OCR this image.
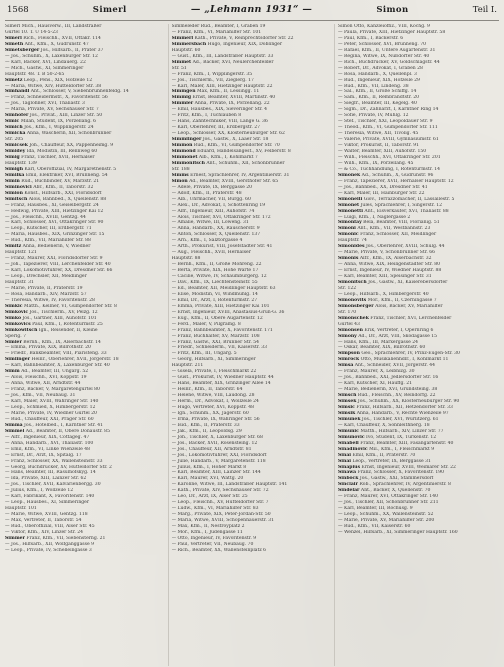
1568	Simerl	— „Lehmann 1931“ —	Simon	Teil I.
Simerl Mich., Hausverw., III, Landstraßer
Gürtel 10. T. U 14-5-23
Simerl Rich., Fleischh., XVII, Ottakr. 114
Simeth Ant., Kfm., X, Gudrunstr. 47
Simetsberger Jos., Hilfsarb., II, Prater 37
— Jos., Schuhm., X, Laxenburger Str. 12
— Karl, Bäcker, XVI, Lindauerg. 22
— Mich., Gastw., XI, Simmeringer
Hauptstr. 48. T. B 50-2-65
Simetz Leop., Pens., XIX, Hofzeile 12
— Maria, Witwe, XIV, Hütteldorfer Str. 38
Simhandl Ant., Schlosser, V, Siebenbrunnenfeldg. 14
— Franz, Schneidermstr., X, Favoritenstr. 56
— Jos., Taglöhner, XVI, Thaliastr. 3
— Maria, Private, XV, Sechshauser Str. 7
Simhofer Jos., Privat., XIII, Linzer Str. 50
Simic Milan, Student, IX, Porzellang. 6
Simich Jos., Kfm., I, Wipplingerstr. 24
Simicka Anna, Wäscherin, XII, Schönbrunner
Str. 205
Simicsek Joh., Chauffeur, XX, Pappenheimg. 9
Simidey Ida, Modistin, III, Rennweg 60
Simig Franz, Tischler, XVII, Hernalser
Hauptstr. 139
Simigh Karl, Oberoffizial, IV, Margarethenstr. 5
Similka Emil, Elektriker, XVI, Brunneng. 54
Simin Rud., Buchbinder, XV, Märzstr. 21
Siminovici Abr., Kfm., II, Taborstr. 32
Simion Konst., Hilfsarb., XXI, Floridsdorf
Simitsch Alois, Bahnbed., X, Quellenstr. 88
— Franz, Hausbes., XI, Geiselbergstr. 24
— Hedwig, Private, XIII, Hietzinger Kai 12
— Jos., Fleischh., XVIII, Gentzg. 44
— Karl, Schlosser, XVI, Ottakringer Str. 90
— Leop., Kutscher, III, Erdbergstr. 71
— Maria, Hausbes., XIX, Grinzinger Str. 15
— Rud., Kfm., VII, Mariahilfer Str. 88
Simitz Anna, Bedienerin, V, Wiedner
Hauptstr. 121
— Franz, Maurer, XXI, Floridsdorfer Str. 9
— Joh., Tapezierer, VIII, Lerchenfelder Str. 40
— Karl, Lokomotivführer, XX, Dresdner Str. 66
— Leop., Drechsler, XII, Meidlinger
Hauptstr. 31
— Marie, Private, II, Praterstr. 19
— Rosa, Handarb., XIV, Märzstr. 57
— Theresia, Witwe, IV, Favoritenstr. 28
Simkic Matth., Kellner, VI, Gumpendorfer Str. 8
Simkovic Jos., Tischlerm., XV, Pelzg. 12
Simko Jos., Gärtner, XIII, Auhofstr. 101
Simkovics Paul, Kfm., I, Rotenturmstr. 25
Simkowitsch Ign., Reisender, II, Kleine
Sperlg. 7
Simler Bernh., Kfm., IX, Alserbachstr. 14
— Emma, Private, XIX, Billrothstr. 20
— Friedr., Bankbeamter, VIII, Piaristeng. 33
Simlinger Heinr., Oberlehrer, XVII, Jörgerstr. 18
— Karl, Bahnbeamter, X, Laxenburger Str. 40
Simm Ad., Beamter, III, Ungarg. 52
— Alois, Fleischh., XVI, Koppstr. 19
— Anna, Witwe, XII, Arndtstr. 44
— Franz, Bäcker, V, Margaretengürtel 80
— Jos., Kfm., VII, Neubaug. 31
— Karl, Maler, XVIII, Währinger Str. 140
— Leop., Schmied, X, Himbergerstr. 12
— Marie, Private, IV, Wiedner Gürtel 20
— Rud., Chauffeur, XXI, Prager Str. 60
Simma Jos., Hotelbed., I, Kärntner Str. 41
Simmel Ad., Beamter, II, Obere Donaustr. 85
— Alfr., Ingenieur, XIX, Cottageg. 47
— Anna, Handarb., XVI, Thaliastr. 100
— Emil, Kfm., VI, Linke Wienzeile 48
— Ernst, Dr., Arzt, IX, Spitalg. 17
— Franz, Schlosser, XX, Wallensteinstr. 33
— Georg, Buchdrucker, XV, Hütteldorfer Str. 2
— Hans, Beamter, III, Rasumofskyg. 14
— Ida, Private, XIII, Lainzer Str. 62
— Jos., Tischler, XVII, Kalvarienbergg. 30
— Julius, Kfm., I, Wollzeile 12
— Karl, Fabrikant, X, Favoritenstr. 140
— Leop., Hausbes., XI, Simmeringer
Hauptstr. 101
— Marie, Witwe, XVIII, Gentzg. 118
— Max, Vertreter, II, Taborstr. 54
— Rud., Oberoffizial, VIII, Alser Str. 45
— Viktor, Kfm., XIV, Linzer Str. 24
Simmer Franz, Kfm., VII, Siebensterng. 21
— Jos., Hilfsarb., XII, Wolfganggasse 9
— Leop., Private, IV, Schelleingasse 3
Simmeleder Rud., Beamter, I, Graben 19
— Franz, Kfm., VI, Mariahilfer Str. 101
Simmerl Kath., Private, V, Reinprechtsdorfer Str. 22
Simmersbach Hugo, Ingenieur, XIX, Döblinger
Hauptstr. 60
— Gust., Kfm., III, Landstraßer Hauptstr. 33
Simmet Ad., Bäcker, XVI, Neulerchenfelder
Str. 51
— Franz, Kfm., I, Wipplingerstr. 35
— Jos., Tischlerm., VII, Zieglerg. 17
— Karl, Maler, XIII, Hietzinger Hauptstr. 22
Simmgen Max, Kfm., II, Lessingg. 11
Simmig Ernst, Beamter, XVIII, Martinstr. 40
Simmler Anna, Private, IX, Porzellang. 22
— Emil, Hausbes., XIX, Sieveringer Str. 4
— Fritz, Kfm., I, Tuchlauben 8
— Hans, Zahntechniker, VIII, Lange G. 36
— Karl, Oberlehrer, III, Erdbergstr. 27
— Leop., Schlosser, XX, Klosterneuburger Str. 62
Simmlinger Jos., Gastw., X, Laaer Str. 18
Simmon Rud., Kfm., VI, Gumpendorfer Str. 70
Simmond Eduard, Handelsangest., XV, Felberstr. 8
Simmonet Alb., Kfm., I, Kohlmarkt 7
Simmonitsch Ant., Schuhm., XII, Schönbrunner
Str. 188
Simms Ernest, Sprachlehrer, IV, Argentinierstr. 31
Simon Ad., Beamter, XVIII, Gersthofer Str. 65
— Adele, Private, IX, Berggasse 20
— Adolf, Kfm., II, Praterstr. 48
— Alb., Uhrmacher, VII, Burgg. 60
— Alex., Dr., Advokat, I, Schottenring 19
— Alfr., Ingenieur, XIII, Auhofstr. 74
— Alois, Tischler, XVI, Ottakringer Str. 172
— Amalie, Witwe, III, Löweng. 31
— Anna, Handarb., XX, Rauscherstr. 9
— Anton, Schlosser, X, Quellenstr. 137
— Arn., Kfm., I, Salztorgasse 4
— Arth., Prokurist, VIII, Josefstädter Str. 41
— Aug., Fleischh., XVII, Hernalser
Hauptstr. 88
— Bernh., Kfm., II, Große Mohreng. 22
— Berta, Private, XIX, Hohe Warte 17
— Cäcilie, Witwe, IV, Schaumburgerg. 12
— Dav., Kfm., IX, Liechtensteinstr. 55
— Ed., Beamter, XII, Meidlinger Hauptstr. 63
— Elise, Modistin, VI, Windmühlg. 14
— Emil, Dr., Arzt, I, Rotenturmstr. 27
— Emma, Private, XIII, Hietzinger Kai 101
— Ernst, Ingenieur, XVIII, Anastasius-Grün-G. 36
— Eug., Kfm., II, Obere Augartenstr. 12
— Ferd., Maler, V, Pilgramg. 8
— Franz, Bahnbeamter, X, Favoritenstr. 171
— Franz, Buchhalter, XV, Märzstr. 108
— Franz, Gastw., XXI, Brünner Str. 54
— Friedr., Schneiderm., VII, Kaiserstr. 33
— Fritz, Kfm., III, Ungarg. 5
— Georg, Hilfsarb., XI, Simmeringer
Hauptstr. 211
— Gisela, Private, I, Fleischmarkt 22
— Gust., Prokurist, IV, Wiedner Hauptstr. 44
— Hans, Beamter, XIX, Grinzinger Allee 14
— Heinr., Kfm., II, Taborstr. 64
— Helene, Witwe, VIII, Laudong. 28
— Herm., Dr., Advokat, I, Wollzeile 24
— Hugo, Vertreter, XVI, Koppstr. 48
— Ign., Schuhm., XX, Jägerstr. 60
— Irma, Private, IX, Währinger Str. 56
— Isid., Kfm., II, Praterstr. 33
— Jak., Kfm., II, Leopoldsg. 29
— Joh., Tischler, X, Laxenburger Str. 68
— Jos., Bäcker, XVII, Rosensteing. 12
— Jos., Chauffeur, XII, Arndtstr. 81
— Jos., Lokomotivführer, XXI, Floridsdorf
— Julie, Handarb., V, Margaretenstr. 118
— Julius, Kfm., I, Hoher Markt 8
— Karl, Beamter, XIII, Lainzer Str. 144
— Karl, Maurer, XVI, Wattg. 20
— Karoline, Witwe, III, Landstraßer Hauptstr. 141
— Kath., Private, XIV, Sechshauser Str. 72
— Leo, Dr., Arzt, IX, Alser Str. 25
— Leop., Fleischh., XV, Hütteldorfer Str. 7
— Ludw., Kfm., VI, Mariahilfer Str. 83
— Marg., Private, XIX, Peter-Jordan-Str. 50
— Maria, Witwe, XVIII, Schopenhauerstr. 31
— Max, Kfm., II, Nestroyplatz 2
— Mor., Kfm., I, Judengasse 11
— Otto, Ingenieur, IV, Favoritenstr. 9
— Paul, Vertreter, VII, Neubaug. 70
— Rich., Beamter, XX, Wallensteinplatz 6
Simon Otto, Kanzleioffiz., VIII, Kochg. 9
— Paula, Private, XIII, Hietzinger Hauptstr. 58
— Paul, Kfm., I, Bäckerstr. 6
— Peter, Schlosser, XVI, Brunneng. 70
— Rafael, Kfm., II, Untere Augartenstr. 31
— Regina, Witwe, IX, Nußdorfer Str. 40
— Rich., Buchdrucker, XV, Goldschlagstr. 44
— Robert, Dr., Advokat, I, Graben 28
— Rosa, Handarb., X, Quellenpl. 3
— Rud., Ingenieur, XIX, Hofzeile 29
— Rud., Kfm., VII, Lindeng. 38
— Sal., Kfm., II, Große Schiffg. 14
— Sam., Kfm., II, Rembrandtstr. 20
— Siegfr., Beamter, III, Kegelg. 40
— Sigm., Dr., Zahnarzt, I, Kärntner Ring 14
— Sofie, Private, IV, Mühlg. 12
— Stef., Tischler, XXI, Leopoldauer Str. 9
— Theod., Kfm., VI, Gumpendorfer Str. 111
— Theresia, Witwe, XII, Tivolig. 45
— Valerie, Private, XVIII, Gymnasiumstr. 61
— Viktor, Prokurist, II, Taborstr. 91
— Walter, Beamter, XIII, Auhofstr. 150
— Wilh., Fleischh., XVI, Ottakringer Str. 201
— Wilh., Kfm., IX, Porzellang. 45
— & Co., Tuchhandlung, I, Rotenturmstr. 14
Simonek Ad., Schuhm., X, Gudrunstr. 96
— Franz, Tapezierer, XVII, Hernalser Hauptstr. 12
— Jos., Bahnbed., XX, Dresdner Str. 41
— Karl, Maler, III, Hainburger Str. 22
Simonelli Giov., Terrazzomacher, II, Lassallestr. 5
Simonet Jules, Sprachlehrer, I, Singerstr. 12
Simonetti Ant., Eisverkäufer, XVI, Thaliastr. 88
— Luigi, Kfm., I, Naglergasse 2
Simonfay Béla, Beamter, VIII, Florianig. 51
Simoni Ant., Kfm., VII, Westbahnstr. 23
Simonic Franz, Schlosser, XII, Meidlinger
Hauptstr. 74
Simonides Jos., Oberlehrer, XVIII, Schulg. 44
— Marie, Private, V, Schönbrunner Str. 66
Simonis Alfr., Kfm., IX, Alserbachstr. 32
— Anna, Witwe, XIX, Heiligenstädter Str. 80
— Ernst, Ingenieur, IV, Wiedner Hauptstr. 88
— Karl, Beamter, XIII, Speisinger Str. 31
Simonitsch Jos., Gastw., XI, Kaiserebersdorfer
Str. 122
— Leop., Hilfsarb., X, Himbergerstr. 40
Simonovits Mor., Kfm., II, Czerningasse 7
Simonsberger Alois, Bäcker, XV, Mariahilfer
Str. 170
Simonschek Franz, Tischler, XVI, Lerchenfelder
Gürtel 43
Simonsen Erik, Vertreter, I, Opernring 6
Simony Ad., Dr., Arzt, VIII, Skodagasse 15
— Hans, Kfm., III, Marxergasse 24
— Oskar, Beamter, XIX, Billrothstr. 60
Simpson Geo., Sprachlehrer, IV, Prinz-Eugen-Str. 30
Simrock Otto, Musikalienhdlr., I, Kohlmarkt 11
Simsa Ant., Schneider, XVII, Jörgerstr. 44
— Franz, Maurer, X, Leibnizg. 30
— Jos., Bahnbed., XXI, Jedlersdorfer Str. 16
— Karl, Kutscher, XI, Hauffg. 21
— Marie, Bedienerin, XVI, Grundsteing. 38
Simsch Rud., Fleischh., XV, Reindorfg. 22
Simsek Jos., Schuhm., XX, Klosterneuburger Str. 90
Simsic Franz, Hilfsarb., XII, Hetzendorfer Str. 33
Simsik Anna, Handarb., V, Rechte Wienzeile 97
Simunek Jos., Tischler, XVI, Wurlitzerg. 61
— Karl, Chauffeur, X, Sonnleithnerg. 18
Simunic Matth., Hilfsarb., XIV, Linzer Str. 77
Simunovic Ivo, Student, IX, Türkenstr. 12
Sinabell Franz, Beamter, XIII, Fasangartenstr. 40
Sinadinovic Mil., Kfm., I, Fleischmarkt 9
Sinai Emil, Kfm., II, Praterstr. 70
Sinai Leop., Vertreter, IX, Berggasse 31
Sinapius Ernst, Ingenieur, XVIII, Weimarer Str. 22
Sinawa Franz, Schlosser, X, Favoritenstr. 190
Sinböck Jos., Gastw., XXI, Stammersdorf
Sinclair Rob., Sprachlehrer, IV, Argentinierstr. 8
Sindelar Ant., Bäcker, X, Quellenstr. 70
— Franz, Maurer, XVI, Ottakringer Str. 140
— Jos., Tischler, XII, Schönbrunner Str. 211
— Karl, Beamter, III, Rochusg. 9
— Leop., Schuhm., XX, Wallensteinstr. 52
— Marie, Private, XV, Mariahilfer Str. 200
— Rud., Kfm., VII, Kaiserstr. 60
— Wenzel, Hilfsarb., XI, Simmeringer Hauptstr. 160
